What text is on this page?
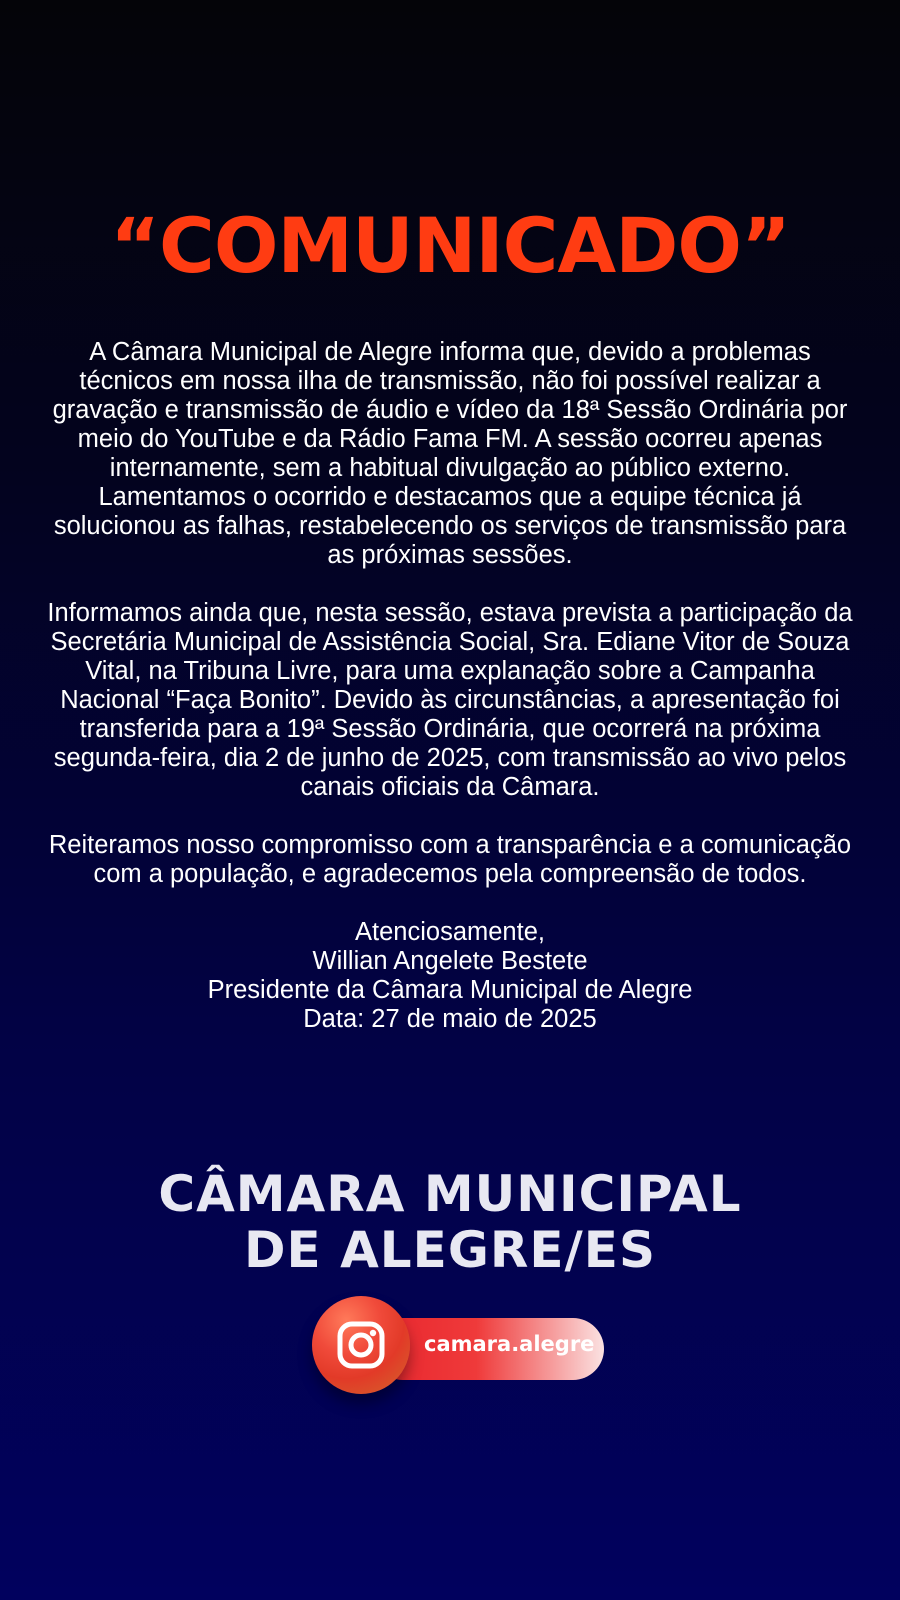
“COMUNICADO”

A Câmara Municipal de Alegre informa que, devido a problemas técnicos em nossa ilha de transmissão, não foi possível realizar a gravação e transmissão de áudio e vídeo da 18ª Sessão Ordinária por meio do YouTube e da Rádio Fama FM. A sessão ocorreu apenas internamente, sem a habitual divulgação ao público externo.

Lamentamos o ocorrido e destacamos que a equipe técnica já solucionou as falhas, restabelecendo os serviços de transmissão para as próximas sessões.

Informamos ainda que, nesta sessão, estava prevista a participação da Secretária Municipal de Assistência Social, Sra. Ediane Vitor de Souza Vital, na Tribuna Livre, para uma explanação sobre a Campanha Nacional “Faça Bonito”. Devido às circunstâncias, a apresentação foi transferida para a 19ª Sessão Ordinária, que ocorrerá na próxima segunda-feira, dia 2 de junho de 2025, com transmissão ao vivo pelos canais oficiais da Câmara.

Reiteramos nosso compromisso com a transparência e a comunicação com a população, e agradecemos pela compreensão de todos.

Atenciosamente,

Willian Angelete Bestete

Presidente da Câmara Municipal de Alegre

Data: 27 de maio de 2025

CÂMARA MUNICIPAL
DE ALEGRE/ES
camara.alegre
